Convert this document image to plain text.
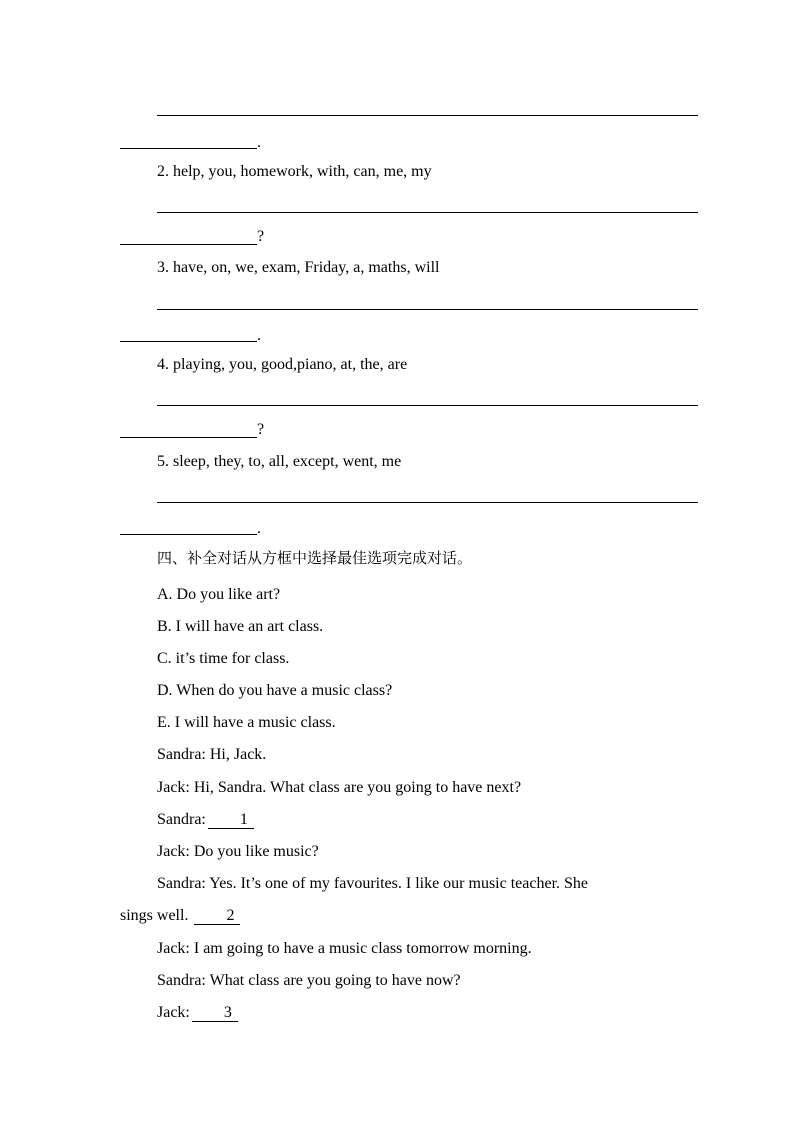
.
2. help, you, homework, with, can, me, my
?
3. have, on, we, exam, Friday, a, maths, will
.
4. playing, you, good,piano, at, the, are
?
5. sleep, they, to, all, except, went, me
.
四、补全对话从方框中选择最佳选项完成对话。
A. Do you like art?
B. I will have an art class.
C. it’s time for class.
D. When do you have a music class?
E. I will have a music class.
Sandra: Hi, Jack.
Jack: Hi, Sandra. What class are you going to have next?
Sandra: 1
Jack: Do you like music?
Sandra: Yes. It’s one of my favourites. I like our music teacher. She
sings well. 2
Jack: I am going to have a music class tomorrow morning.
Sandra: What class are you going to have now?
Jack: 3
